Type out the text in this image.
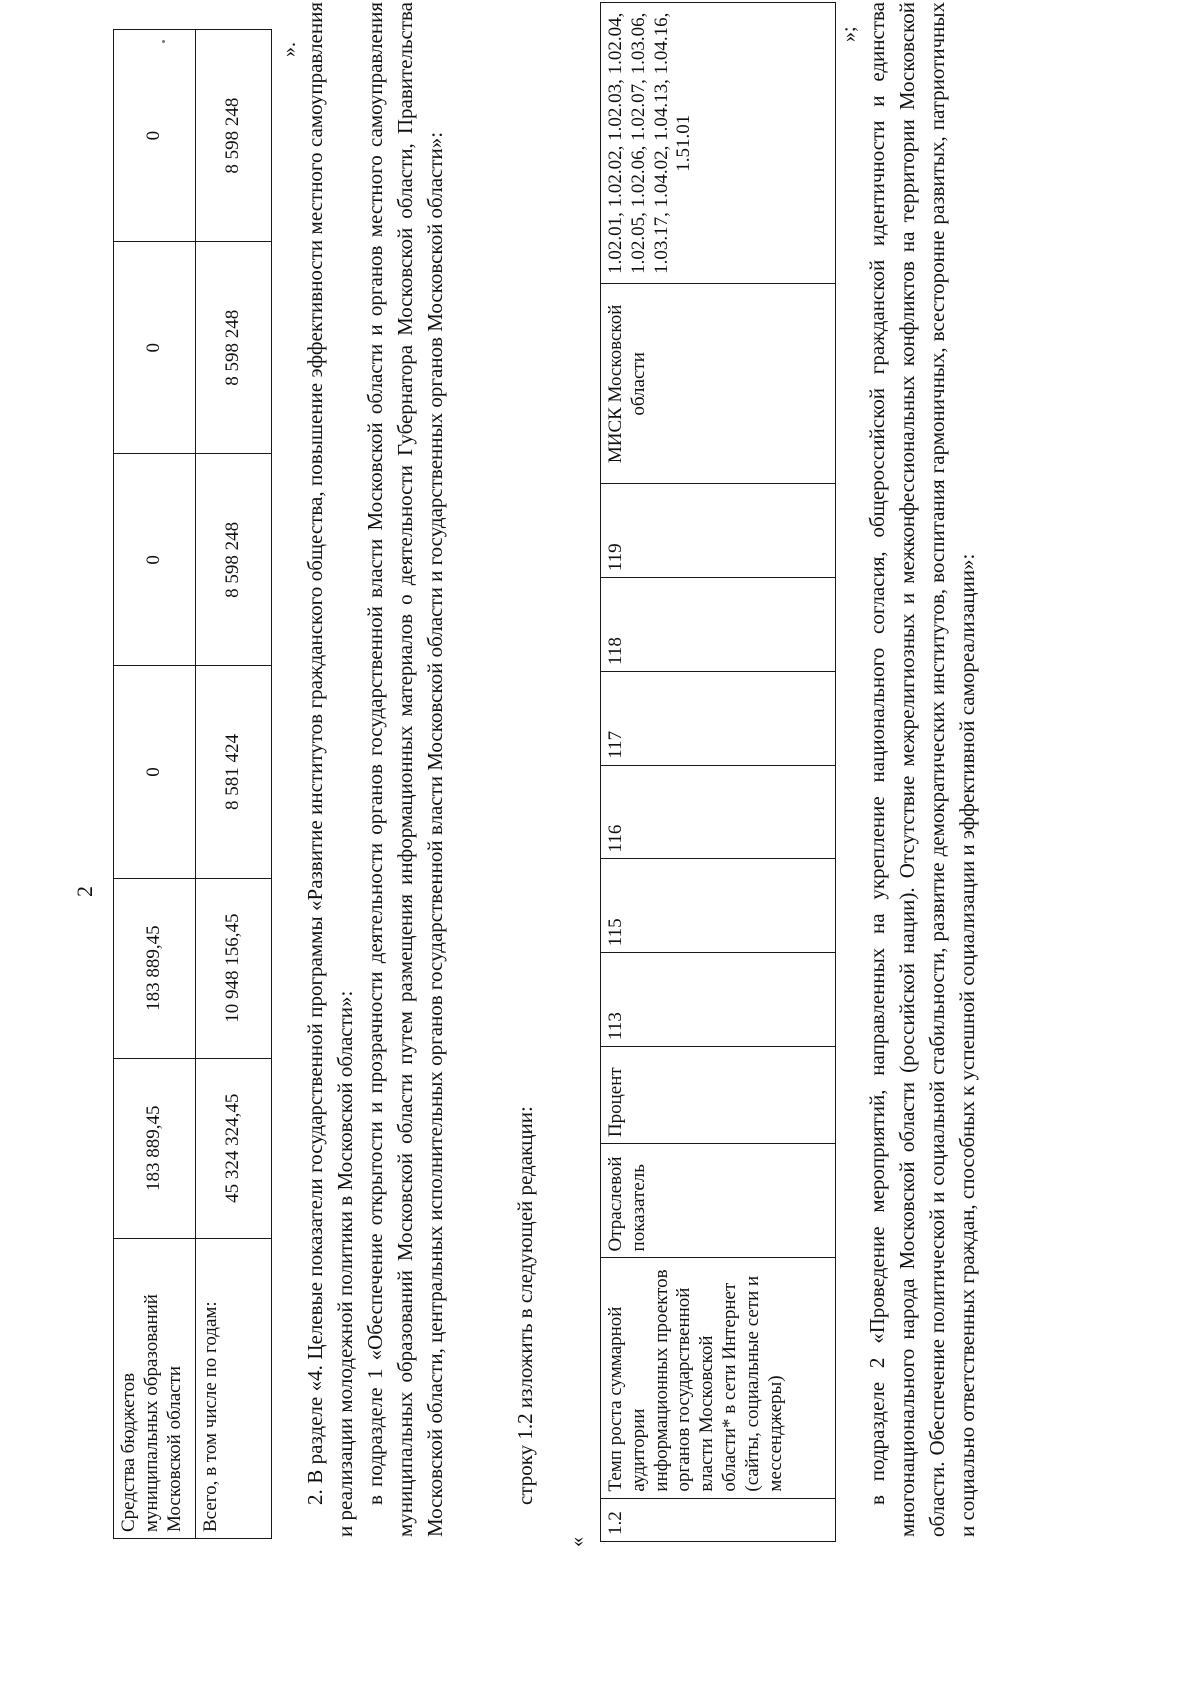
2
Средства бюджетов муниципальных образований Московской области	183 889,45	183 889,45	0	0	0	0
Всего, в том числе по годам:	45 324 324,45	10 948 156,45	8 581 424	8 598 248	8 598 248	8 598 248
». 2. В разделе «4. Целевые показатели государственной программы «Развитие институтов гражданского общества, повышение эффективности местного самоуправления и реализации молодежной политики в Московской области»: в подразделе 1 «Обеспечение открытости и прозрачности деятельности органов государственной власти Московской области и органов местного самоуправления муниципальных образований Московской области путем размещения информационных материалов о деятельности Губернатора Московской области, Правительства Московской области, центральных исполнительных органов государственной власти Московской области и государственных органов Московской области»:	строку 1.2 изложить в следующей редакции:

«
1.2	Темп роста суммарной аудитории информационных проектов органов государственной власти Московской области* в сети Интернет (сайты, социальные сети и мессенджеры)	Отраслевой показатель	Процент	113	115	116	117	118	119	МИСК Московской области	1.02.01, 1.02.02, 1.02.03, 1.02.04, 1.02.05, 1.02.06, 1.02.07, 1.03.06, 1.03.17, 1.04.02, 1.04.13, 1.04.16, 1.51.01
»; в подразделе 2 «Проведение мероприятий, направленных на укрепление национального согласия, общероссийской гражданской идентичности и единства многонационального народа Московской области (российской нации). Отсутствие межрелигиозных и межконфессиональных конфликтов на территории Московской области. Обеспечение политической и социальной стабильности, развитие демократических институтов, воспитания гармоничных, всесторонне развитых, патриотичных и социально ответственных граждан, способных к успешной социализации и эффективной самореализации»:
